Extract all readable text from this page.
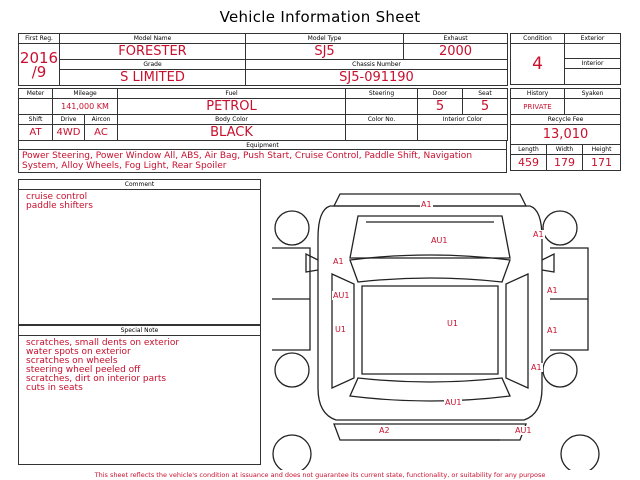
Vehicle Information Sheet
First Reg.	Model Name	Model Type	Exhaust

2016
/9	FORESTER	SJ5	2000
	Grade	Chassis Number	
	S LIMITED	SJ5-091190	
Meter	Mileage		Fuel	Steering	Door	Seat
	141,000 KM		PETROL		5	5
Shift	Drive	Aircon	Body Color	Color No.	Interior Color	
AT	4WD	AC	BLACK			
Condition	Exterior
4	
	Interior

History		Syaken	
PRIVATE			
Recycle Fee			
13,010			
Length	Width		Height
459	179		171
Equipment
Power Steering, Power Window All, ABS, Air Bag, Push Start, Cruise Control, Paddle Shift, Navigation System, Alloy Wheels, Fog Light, Rear Spoiler
Comment
cruise control
paddle shifters
Special Note
scratches, small dents on exterior
water spots on exterior
scratches on wheels
steering wheel peeled off
scratches, dirt on interior parts
cuts in seats
A1
A1
AU1
A1
AU1
A1
U1
U1
A1
A1
AU1
A2	AU1
This sheet reflects the vehicle's condition at issuance and does not guarantee its current state, functionality, or suitability for any purpose
